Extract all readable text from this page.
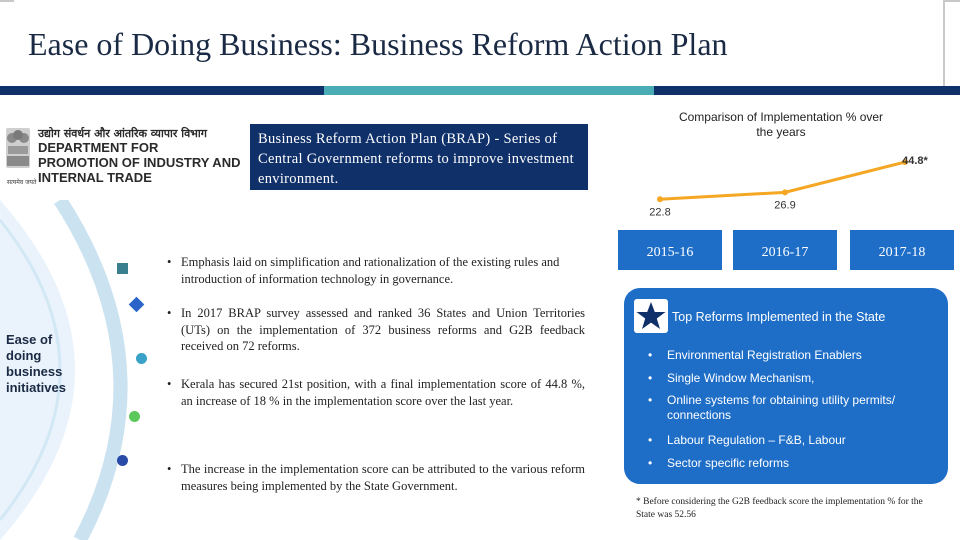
Ease of Doing Business: Business Reform Action Plan
सत्यमेव जयते
उद्योग संवर्धन और आंतरिक व्यापार विभाग
DEPARTMENT FOR
PROMOTION OF INDUSTRY AND
INTERNAL TRADE
Business Reform Action Plan (BRAP) - Series of Central Government reforms to improve investment environment.
Ease of doing business initiatives
• Emphasis laid on simplification and rationalization of the existing rules and introduction of information technology in governance.
• In 2017 BRAP survey assessed and ranked 36 States and Union Territories (UTs) on the implementation of 372 business reforms and G2B feedback received on 72 reforms.
• Kerala has secured 21st position, with a final implementation score of 44.8 %, an increase of 18 % in the implementation score over the last year.
• The increase in the implementation score can be attributed to the various reform measures being implemented by the State Government.
Comparison of Implementation % over the years
2015-16	2016-17	2017-18
22.8
26.9
44.8*
Top Reforms Implemented in the State
• Environmental Registration Enablers
• Single Window Mechanism,
• Online systems for obtaining utility permits/ connections
• Labour Regulation – F&B, Labour
• Sector specific reforms
* Before considering the G2B feedback score the implementation % for the State was 52.56
